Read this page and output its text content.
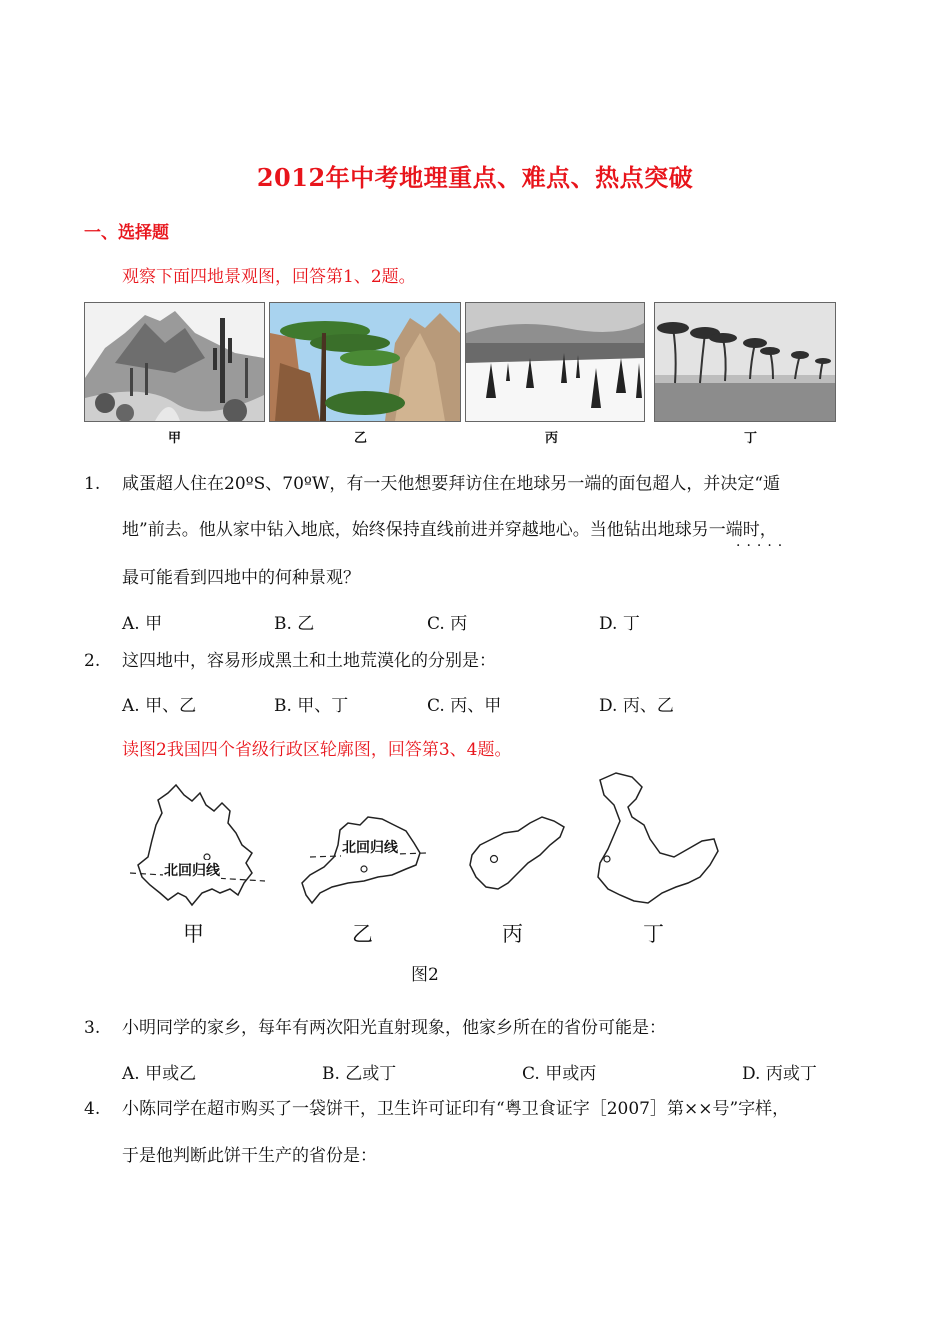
2012年中考地理重点、难点、热点突破
一、选择题
观察下面四地景观图，回答第1、2题。
甲	乙	丙	丁
1. 咸蛋超人住在20ºS、70ºW，有一天他想要拜访住在地球另一端的面包超人，并决定“遁
地”前去。他从家中钻入地底，始终保持直线前进并穿越地心。当他钻出地球另一端时，
·····
最可能看到四地中的何种景观？
A. 甲	B. 乙	C. 丙	D. 丁
2. 这四地中，容易形成黑土和土地荒漠化的分别是：
A. 甲、乙	B. 甲、丁	C. 丙、甲	D. 丙、乙
读图2我国四个省级行政区轮廓图，回答第3、4题。
北回归线
北回归线
甲	乙	丙	丁
图2
3. 小明同学的家乡，每年有两次阳光直射现象，他家乡所在的省份可能是：
A. 甲或乙	B. 乙或丁	C. 甲或丙	D. 丙或丁
4. 小陈同学在超市购买了一袋饼干，卫生许可证印有“粤卫食证字［2007］第××号”字样，
于是他判断此饼干生产的省份是：
